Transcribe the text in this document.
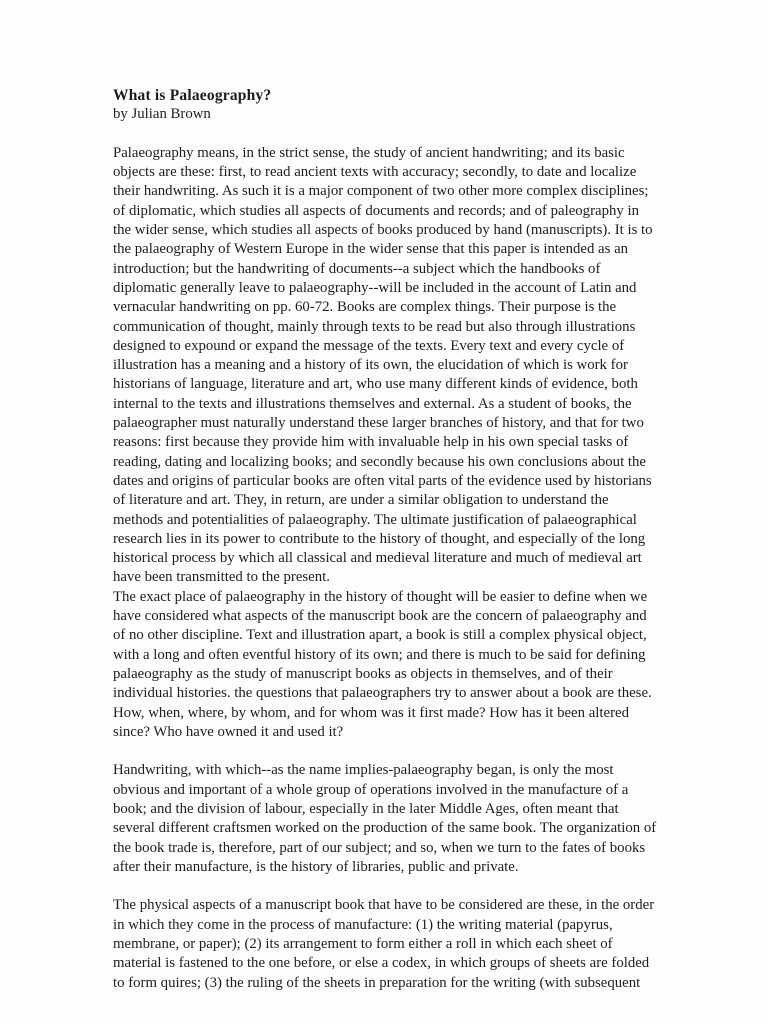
What is Palaeography?

by Julian Brown

Palaeography means, in the strict sense, the study of ancient handwriting; and its basic objects are these: first, to read ancient texts with accuracy; secondly, to date and localize their handwriting. As such it is a major component of two other more complex disciplines; of diplomatic, which studies all aspects of documents and records; and of paleography in the wider sense, which studies all aspects of books produced by hand (manuscripts). It is to the palaeography of Western Europe in the wider sense that this paper is intended as an introduction; but the handwriting of documents--a subject which the handbooks of diplomatic generally leave to palaeography--will be included in the account of Latin and vernacular handwriting on pp. 60-72. Books are complex things. Their purpose is the communication of thought, mainly through texts to be read but also through illustrations designed to expound or expand the message of the texts. Every text and every cycle of illustration has a meaning and a history of its own, the elucidation of which is work for historians of language, literature and art, who use many different kinds of evidence, both internal to the texts and illustrations themselves and external. As a student of books, the palaeographer must naturally understand these larger branches of history, and that for two reasons: first because they provide him with invaluable help in his own special tasks of reading, dating and localizing books; and secondly because his own conclusions about the dates and origins of particular books are often vital parts of the evidence used by historians of literature and art. They, in return, are under a similar obligation to understand the methods and potentialities of palaeography. The ultimate justification of palaeographical research lies in its power to contribute to the history of thought, and especially of the long historical process by which all classical and medieval literature and much of medieval art have been transmitted to the present.

The exact place of palaeography in the history of thought will be easier to define when we have considered what aspects of the manuscript book are the concern of palaeography and of no other discipline. Text and illustration apart, a book is still a complex physical object, with a long and often eventful history of its own; and there is much to be said for defining palaeography as the study of manuscript books as objects in themselves, and of their individual histories. the questions that palaeographers try to answer about a book are these. How, when, where, by whom, and for whom was it first made? How has it been altered since? Who have owned it and used it?

Handwriting, with which--as the name implies-palaeography began, is only the most obvious and important of a whole group of operations involved in the manufacture of a book; and the division of labour, especially in the later Middle Ages, often meant that several different craftsmen worked on the production of the same book. The organization of the book trade is, therefore, part of our subject; and so, when we turn to the fates of books after their manufacture, is the history of libraries, public and private.

The physical aspects of a manuscript book that have to be considered are these, in the order in which they come in the process of manufacture: (1) the writing material (papyrus, membrane, or paper); (2) its arrangement to form either a roll in which each sheet of material is fastened to the one before, or else a codex, in which groups of sheets are folded to form quires; (3) the ruling of the sheets in preparation for the writing (with subsequent
